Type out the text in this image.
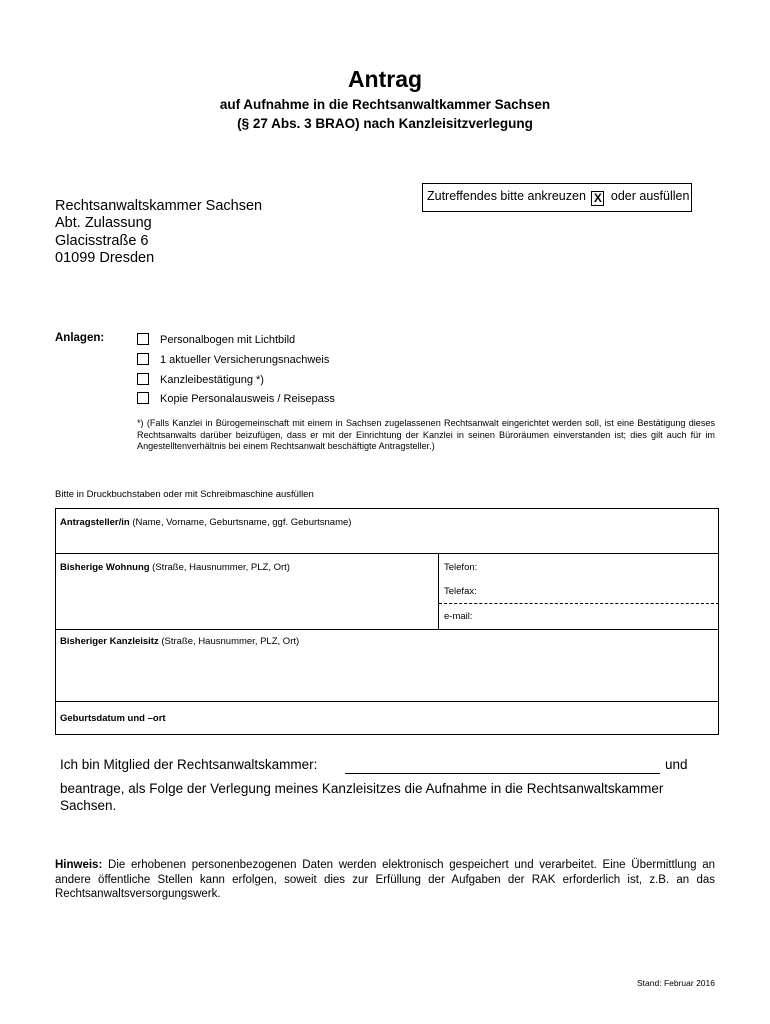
Antrag
auf Aufnahme in die Rechtsanwaltkammer Sachsen
(§ 27 Abs. 3 BRAO) nach Kanzleisitzverlegung
Zutreffendes bitte ankreuzen X oder ausfüllen
Rechtsanwaltskammer Sachsen
Abt. Zulassung
Glacisstraße 6
01099 Dresden
Anlagen:	Personalbogen mit Lichtbild
1 aktueller Versicherungsnachweis
Kanzleibestätigung *)
Kopie Personalausweis / Reisepass
*) (Falls Kanzlei in Bürogemeinschaft mit einem in Sachsen zugelassenen Rechtsanwalt eingerichtet werden soll, ist eine Bestätigung dieses Rechtsanwalts darüber beizufügen, dass er mit der Einrichtung der Kanzlei in seinen Büroräumen einverstanden ist; dies gilt auch für im Angestelltenverhältnis bei einem Rechtsanwalt beschäftigte Antragsteller.)
Bitte in Druckbuchstaben oder mit Schreibmaschine ausfüllen
Antragsteller/in (Name, Vorname, Geburtsname, ggf. Geburtsname)
Bisherige Wohnung (Straße, Hausnummer, PLZ, Ort)	Telefon:
Telefax:
e-mail:
Bisheriger Kanzleisitz (Straße, Hausnummer, PLZ, Ort)
Geburtsdatum und –ort
Ich bin Mitglied der Rechtsanwaltskammer:	und
beantrage, als Folge der Verlegung meines Kanzleisitzes die Aufnahme in die Rechtsanwaltskammer Sachsen.
Hinweis: Die erhobenen personenbezogenen Daten werden elektronisch gespeichert und verarbeitet. Eine Übermittlung an andere öffentliche Stellen kann erfolgen, soweit dies zur Erfüllung der Aufgaben der RAK erforderlich ist, z.B. an das Rechtsanwaltsversorgungswerk.
Stand: Februar 2016
